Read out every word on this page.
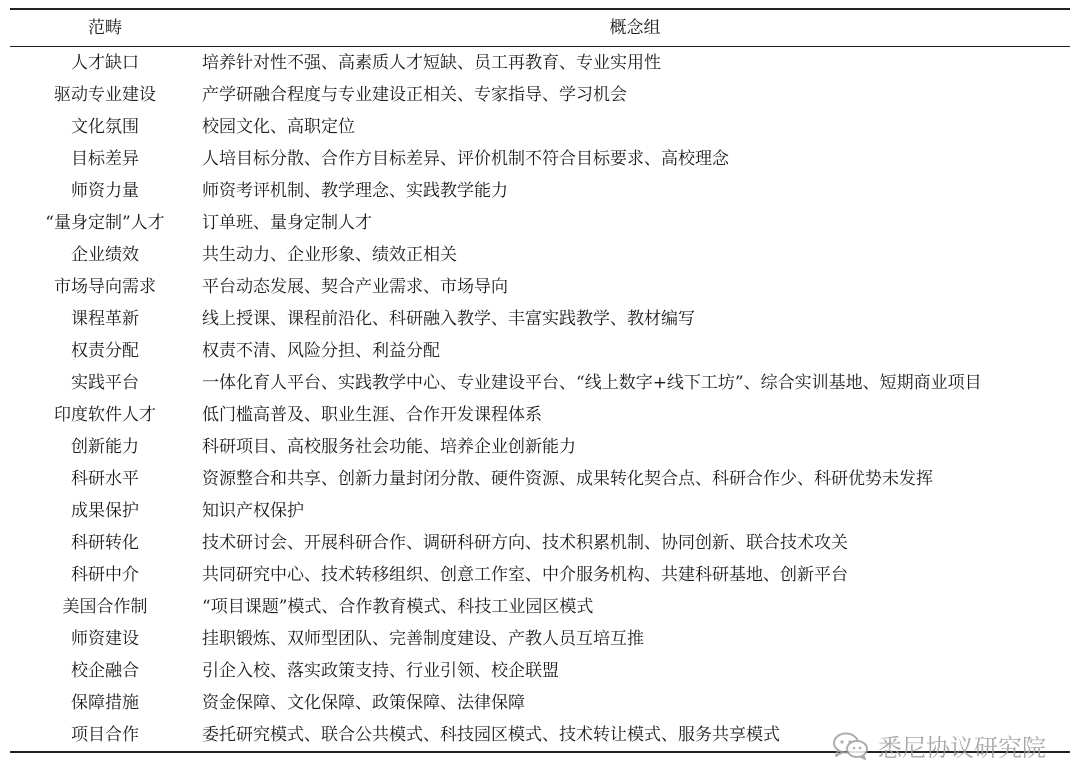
范畴	概念组
人才缺口	培养针对性不强、高素质人才短缺、员工再教育、专业实用性
驱动专业建设	产学研融合程度与专业建设正相关、专家指导、学习机会
文化氛围	校园文化、高职定位
目标差异	人培目标分散、合作方目标差异、评价机制不符合目标要求、高校理念
师资力量	师资考评机制、教学理念、实践教学能力
“量身定制”人才	订单班、量身定制人才
企业绩效	共生动力、企业形象、绩效正相关
市场导向需求	平台动态发展、契合产业需求、市场导向
课程革新	线上授课、课程前沿化、科研融入教学、丰富实践教学、教材编写
权责分配	权责不清、风险分担、利益分配
实践平台	一体化育人平台、实践教学中心、专业建设平台、“线上数字+线下工坊”、综合实训基地、短期商业项目
印度软件人才	低门槛高普及、职业生涯、合作开发课程体系
创新能力	科研项目、高校服务社会功能、培养企业创新能力
科研水平	资源整合和共享、创新力量封闭分散、硬件资源、成果转化契合点、科研合作少、科研优势未发挥
成果保护	知识产权保护
科研转化	技术研讨会、开展科研合作、调研科研方向、技术积累机制、协同创新、联合技术攻关
科研中介	共同研究中心、技术转移组织、创意工作室、中介服务机构、共建科研基地、创新平台
美国合作制	“项目课题”模式、合作教育模式、科技工业园区模式
师资建设	挂职锻炼、双师型团队、完善制度建设、产教人员互培互推
校企融合	引企入校、落实政策支持、行业引领、校企联盟
保障措施	资金保障、文化保障、政策保障、法律保障
项目合作	委托研究模式、联合公共模式、科技园区模式、技术转让模式、服务共享模式	悉尼协议研究院
